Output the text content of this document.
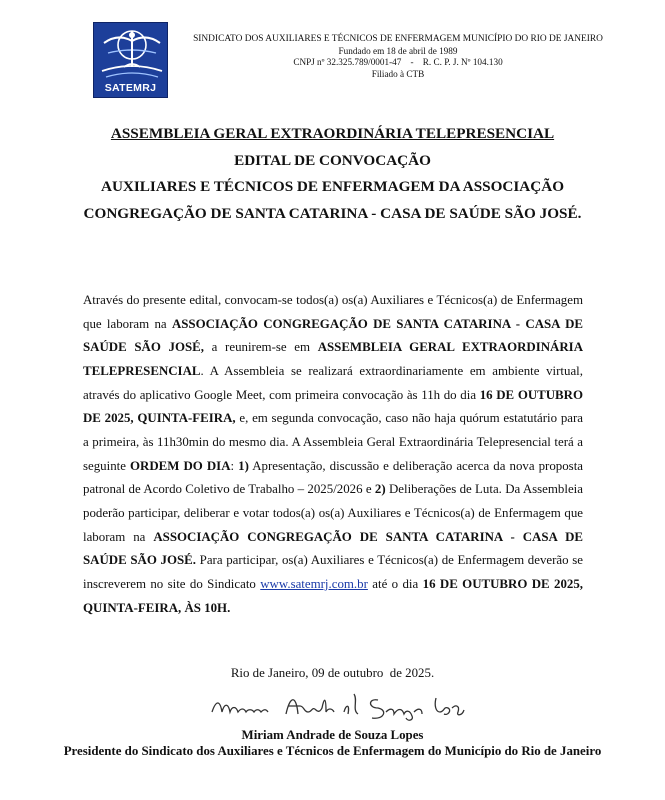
SATEMRJ
SINDICATO DOS AUXILIARES E TÉCNICOS DE ENFERMAGEM MUNICÍPIO DO RIO DE JANEIRO
Fundado em 18 de abril de 1989
CNPJ nº 32.325.789/0001-47    -    R. C. P. J. Nº 104.130
Filiado à CTB
ASSEMBLEIA GERAL EXTRAORDINÁRIA TELEPRESENCIAL
EDITAL DE CONVOCAÇÃO
AUXILIARES E TÉCNICOS DE ENFERMAGEM DA ASSOCIAÇÃO CONGREGAÇÃO DE SANTA CATARINA - CASA DE SAÚDE SÃO JOSÉ.
Através do presente edital, convocam-se todos(a) os(a) Auxiliares e Técnicos(a) de Enfermagem que laboram na ASSOCIAÇÃO CONGREGAÇÃO DE SANTA CATARINA - CASA DE SAÚDE SÃO JOSÉ, a reunirem-se em ASSEMBLEIA GERAL EXTRAORDINÁRIA TELEPRESENCIAL. A Assembleia se realizará extraordinariamente em ambiente virtual, através do aplicativo Google Meet, com primeira convocação às 11h do dia 16 DE OUTUBRO DE 2025, QUINTA-FEIRA, e, em segunda convocação, caso não haja quórum estatutário para a primeira, às 11h30min do mesmo dia. A Assembleia Geral Extraordinária Telepresencial terá a seguinte ORDEM DO DIA: 1) Apresentação, discussão e deliberação acerca da nova proposta patronal de Acordo Coletivo de Trabalho – 2025/2026 e 2) Deliberações de Luta. Da Assembleia poderão participar, deliberar e votar todos(a) os(a) Auxiliares e Técnicos(a) de Enfermagem que laboram na ASSOCIAÇÃO CONGREGAÇÃO DE SANTA CATARINA - CASA DE SAÚDE SÃO JOSÉ. Para participar, os(a) Auxiliares e Técnicos(a) de Enfermagem deverão se inscreverem no site do Sindicato www.satemrj.com.br até o dia 16 DE OUTUBRO DE 2025, QUINTA-FEIRA, ÀS 10H.
Rio de Janeiro, 09 de outubro  de 2025.
Miriam Andrade de Souza Lopes
Presidente do Sindicato dos Auxiliares e Técnicos de Enfermagem do Município do Rio de Janeiro
